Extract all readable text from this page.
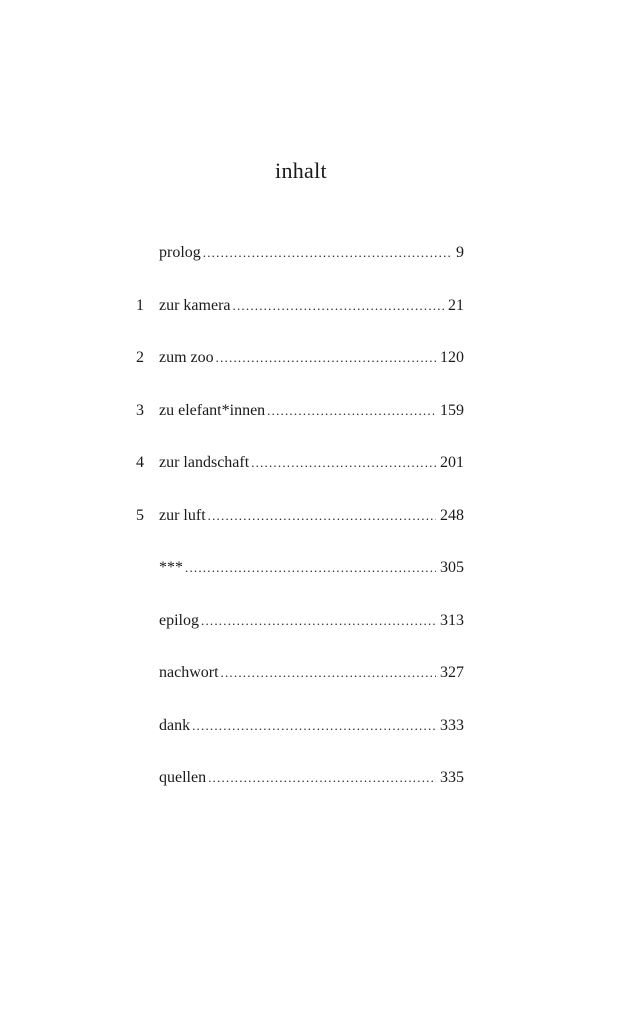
inhalt
prolog .....	9
1 zur kamera .....	21
2 zum zoo .....	120
3 zu elefant*innen .....	159
4 zur landschaft .....	201
5 zur luft .....	248
*** .....	305
epilog .....	313
nachwort .....	327
dank .....	333
quellen .....	335
